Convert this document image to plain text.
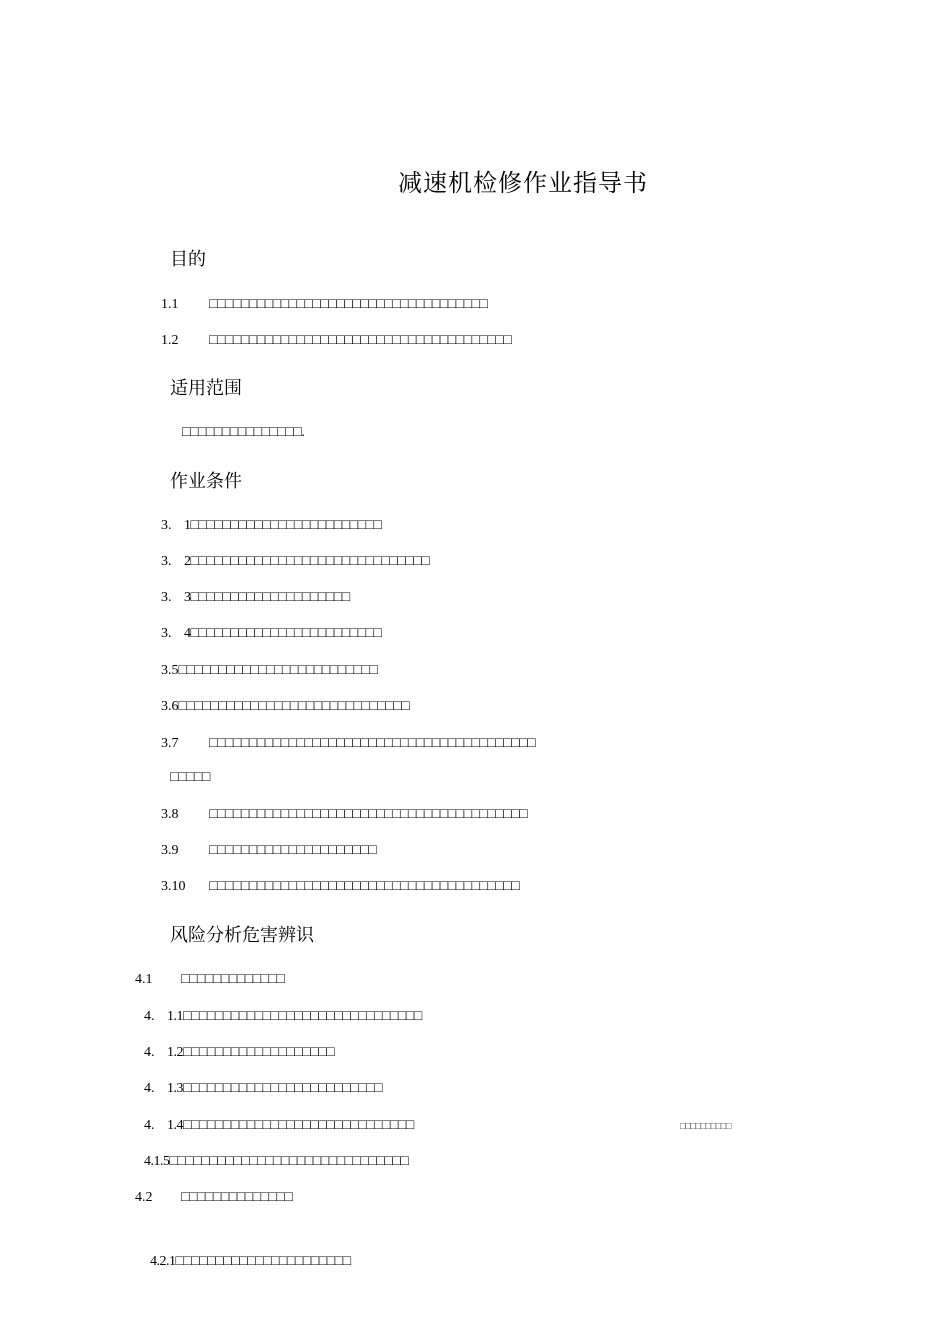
减速机检修作业指导书
目的
1.1 □□□□□□□□□□□□□□□□□□□□□□□□□□□□□□□□□□□
1.2 □□□□□□□□□□□□□□□□□□□□□□□□□□□□□□□□□□□□□□
适用范围
□□□□□□□□□□□□□□□.
作业条件
3. 1□□□□□□□□□□□□□□□□□□□□□□□□
3. 2□□□□□□□□□□□□□□□□□□□□□□□□□□□□□□
3. 3□□□□□□□□□□□□□□□□□□□□
3. 4□□□□□□□□□□□□□□□□□□□□□□□□
3.5□□□□□□□□□□□□□□□□□□□□□□□□□
3.6□□□□□□□□□□□□□□□□□□□□□□□□□□□□□
3.7 □□□□□□□□□□□□□□□□□□□□□□□□□□□□□□□□□□□□□□□□□
□□□□□
3.8 □□□□□□□□□□□□□□□□□□□□□□□□□□□□□□□□□□□□□□□□
3.9 □□□□□□□□□□□□□□□□□□□□□
3.10 □□□□□□□□□□□□□□□□□□□□□□□□□□□□□□□□□□□□□□□
风险分析危害辨识
4.1 □□□□□□□□□□□□□
4. 1.1□□□□□□□□□□□□□□□□□□□□□□□□□□□□□□
4. 1.2□□□□□□□□□□□□□□□□□□□
4. 1.3□□□□□□□□□□□□□□□□□□□□□□□□□
4. 1.4□□□□□□□□□□□□□□□□□□□□□□□□□□□□□	□□□□□□□□□□
4.1.5□□□□□□□□□□□□□□□□□□□□□□□□□□□□□□
4.2 □□□□□□□□□□□□□□
4.2.1□□□□□□□□□□□□□□□□□□□□□□
